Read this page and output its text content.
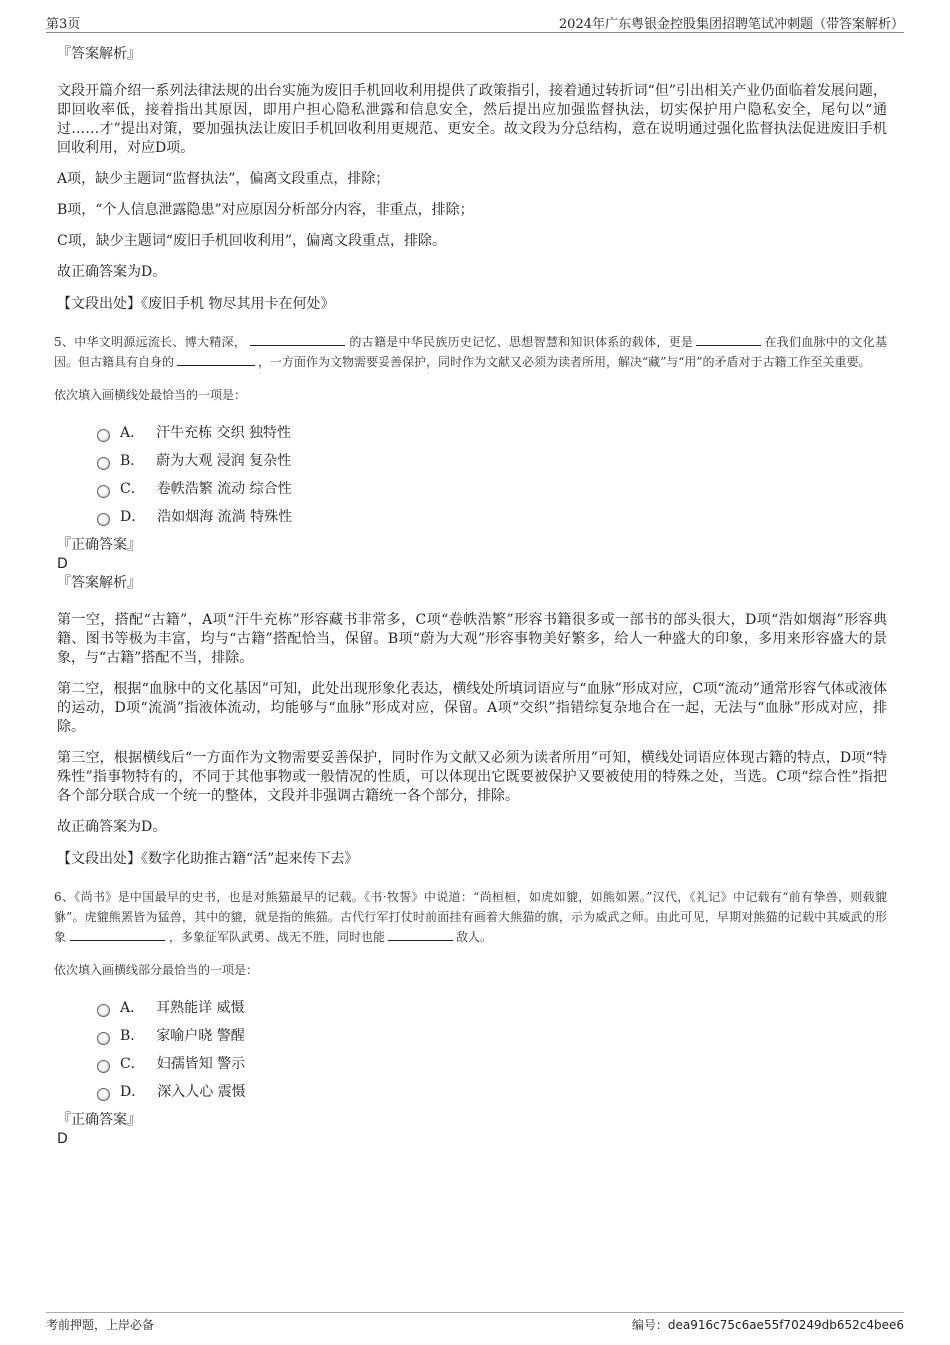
第3页	2024年广东粤银金控股集团招聘笔试冲刺题（带答案解析）

『答案解析』

文段开篇介绍一系列法律法规的出台实施为废旧手机回收利用提供了政策指引，接着通过转折词“但”引出相关产业仍面临着发展问题，即回收率低，接着指出其原因，即用户担心隐私泄露和信息安全，然后提出应加强监督执法，切实保护用户隐私安全，尾句以“通过……才”提出对策，要加强执法让废旧手机回收利用更规范、更安全。故文段为分总结构，意在说明通过强化监督执法促进废旧手机回收利用，对应D项。

A项，缺少主题词“监督执法”，偏离文段重点，排除；

B项，“个人信息泄露隐患”对应原因分析部分内容，非重点，排除；

C项，缺少主题词“废旧手机回收利用”，偏离文段重点，排除。

故正确答案为D。

【文段出处】《废旧手机 物尽其用卡在何处》

5、中华文明源远流长、博大精深，	的古籍是中华民族历史记忆、思想智慧和知识体系的载体，更是	在我们血脉中的文化基因。但古籍具有自身的	，一方面作为文物需要妥善保护，同时作为文献又必须为读者所用，解决“藏”与“用”的矛盾对于古籍工作至关重要。

依次填入画横线处最恰当的一项是：

A． 汗牛充栋 交织 独特性
B． 蔚为大观 浸润 复杂性
C． 卷帙浩繁 流动 综合性
D． 浩如烟海 流淌 特殊性

『正确答案』

D

『答案解析』

第一空，搭配“古籍”，A项“汗牛充栋”形容藏书非常多，C项“卷帙浩繁”形容书籍很多或一部书的部头很大，D项“浩如烟海”形容典籍、图书等极为丰富，均与“古籍”搭配恰当，保留。B项“蔚为大观”形容事物美好繁多，给人一种盛大的印象，多用来形容盛大的景象，与“古籍”搭配不当，排除。

第二空，根据“血脉中的文化基因”可知，此处出现形象化表达，横线处所填词语应与“血脉”形成对应，C项“流动”通常形容气体或液体的运动，D项“流淌”指液体流动，均能够与“血脉”形成对应，保留。A项“交织”指错综复杂地合在一起，无法与“血脉”形成对应，排除。

第三空，根据横线后“一方面作为文物需要妥善保护，同时作为文献又必须为读者所用”可知，横线处词语应体现古籍的特点，D项“特殊性”指事物特有的，不同于其他事物或一般情况的性质，可以体现出它既要被保护又要被使用的特殊之处，当选。C项“综合性”指把各个部分联合成一个统一的整体，文段并非强调古籍统一各个部分，排除。

故正确答案为D。

【文段出处】《数字化助推古籍“活”起来传下去》

6、《尚书》是中国最早的史书，也是对熊猫最早的记载。《书·牧誓》中说道：“尚桓桓，如虎如貔，如熊如罴。”汉代，《礼记》中记载有“前有挚兽，则载貔貅”。虎貔熊罴皆为猛兽，其中的貔，就是指的熊猫。古代行军打仗时前面挂有画着大熊猫的旗，示为威武之师。由此可见，早期对熊猫的记载中其威武的形象	，多象征军队武勇、战无不胜，同时也能	敌人。

依次填入画横线部分最恰当的一项是：

A． 耳熟能详 威慑
B． 家喻户晓 警醒
C． 妇孺皆知 警示
D． 深入人心 震慑

『正确答案』

D

考前押题，上岸必备	编号：dea916c75c6ae55f70249db652c4bee6
